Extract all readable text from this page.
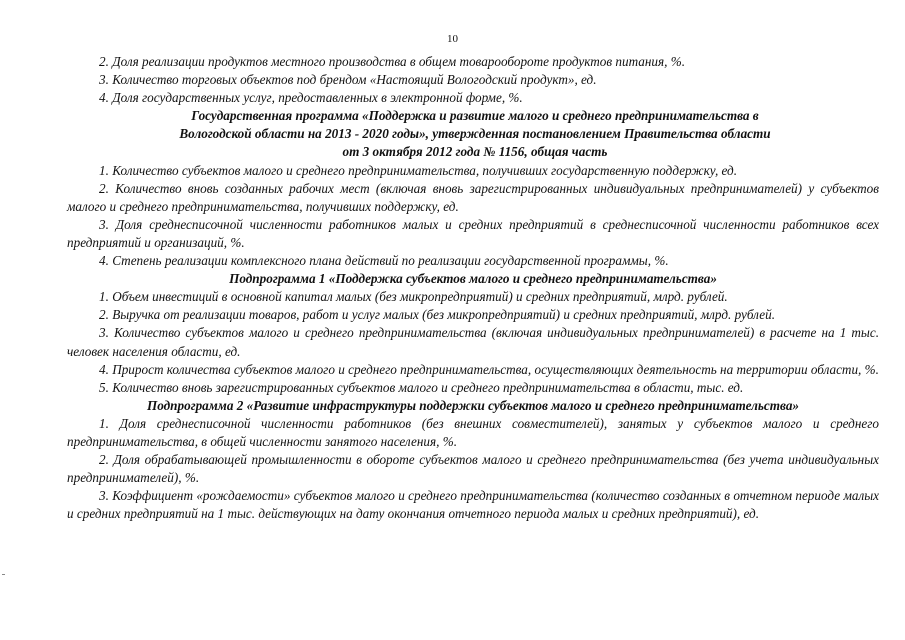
10

2. Доля реализации продуктов местного производства в общем товарообороте продуктов питания, %.

3. Количество торговых объектов под брендом «Настоящий Вологодский продукт», ед.

4. Доля государственных услуг, предоставленных в электронной форме, %.

Государственная программа «Поддержка и развитие малого и среднего предпринимательства в
Вологодской области на 2013 - 2020 годы», утвержденная постановлением Правительства области
от 3 октября 2012 года № 1156, общая часть

1. Количество субъектов малого и среднего предпринимательства, получивших государственную поддержку, ед.

2. Количество вновь созданных рабочих мест (включая вновь зарегистрированных индивидуальных предпринимателей) у субъектов малого и среднего предпринимательства, получивших поддержку, ед.

3. Доля среднесписочной численности работников малых и средних предприятий в среднесписочной численности работников всех предприятий и организаций, %.

4. Степень реализации комплексного плана действий по реализации государственной программы, %.

Подпрограмма 1 «Поддержка субъектов малого и среднего предпринимательства»

1. Объем инвестиций в основной капитал малых (без микропредприятий) и средних предприятий, млрд. рублей.

2. Выручка от реализации товаров, работ и услуг малых (без микропредприятий) и средних предприятий, млрд. рублей.

3. Количество субъектов малого и среднего предпринимательства (включая индивидуальных предпринимателей) в расчете на 1 тыс. человек населения области, ед.

4. Прирост количества субъектов малого и среднего предпринимательства, осуществляющих деятельность на территории области, %.

5. Количество вновь зарегистрированных субъектов малого и среднего предпринимательства в области, тыс. ед.

Подпрограмма 2 «Развитие инфраструктуры поддержки субъектов малого и среднего предпринимательства»

1. Доля среднесписочной численности работников (без внешних совместителей), занятых у субъектов малого и среднего предпринимательства, в общей численности занятого населения, %.

2. Доля обрабатывающей промышленности в обороте субъектов малого и среднего предпринимательства (без учета индивидуальных предпринимателей), %.

3. Коэффициент «рождаемости» субъектов малого и среднего предпринимательства (количество созданных в отчетном периоде малых и средних предприятий на 1 тыс. действующих на дату окончания отчетного периода малых и средних предприятий), ед.
